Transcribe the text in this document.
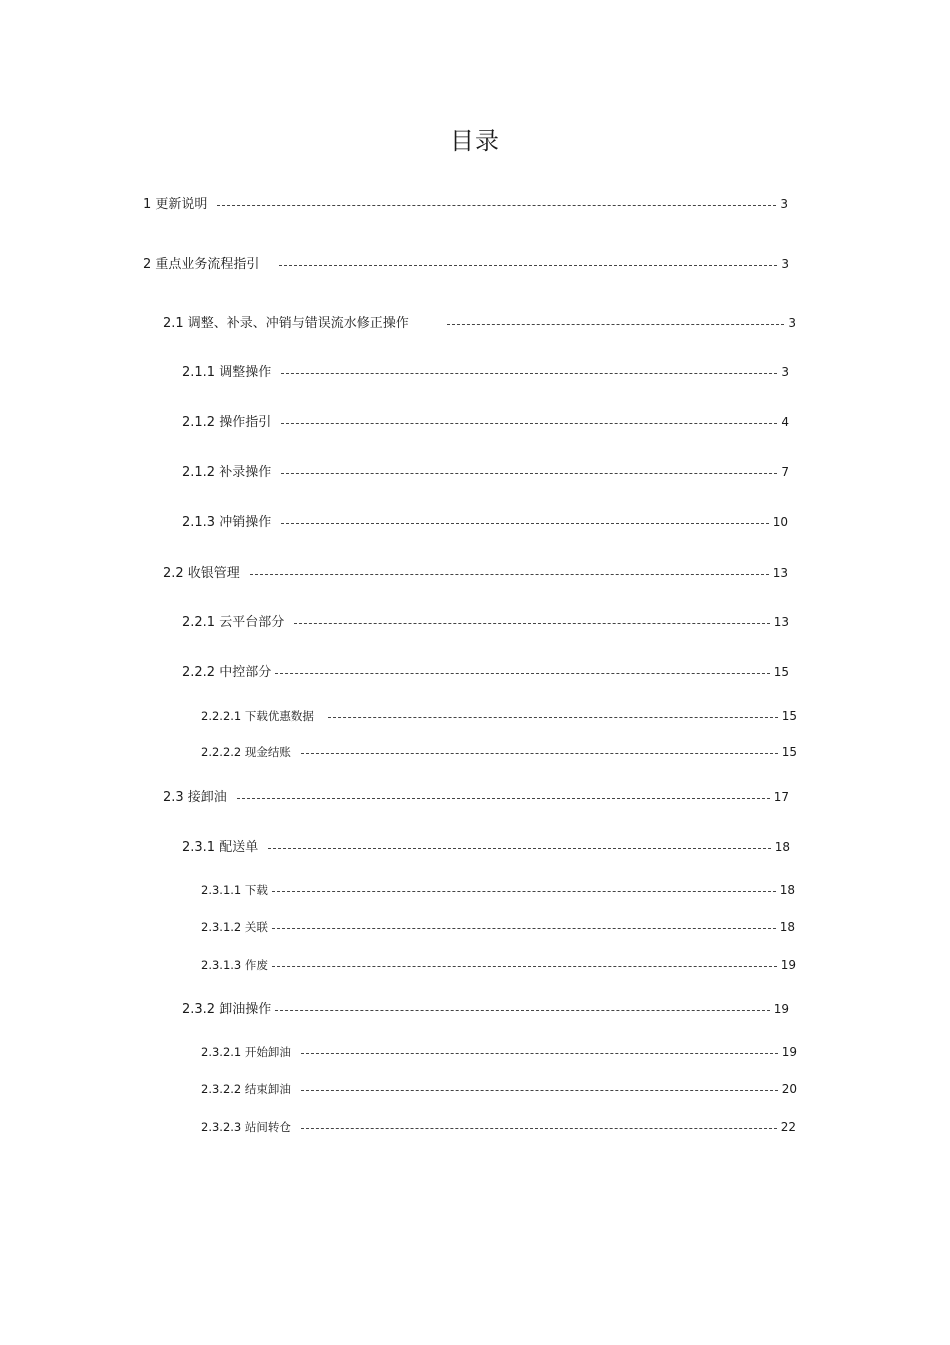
目录
1 更新说明	3
2 重点业务流程指引	3
2.1 调整、补录、冲销与错误流水修正操作	3
2.1.1 调整操作	3
2.1.2 操作指引	4
2.1.2 补录操作	7
2.1.3 冲销操作	10
2.2 收银管理	13
2.2.1 云平台部分	13
2.2.2 中控部分	15
2.2.2.1 下载优惠数据	15
2.2.2.2 现金结账	15
2.3 接卸油	17
2.3.1 配送单	18
2.3.1.1 下载	18
2.3.1.2 关联	18
2.3.1.3 作废	19
2.3.2 卸油操作	19
2.3.2.1 开始卸油	19
2.3.2.2 结束卸油	20
2.3.2.3 站间转仓	22
